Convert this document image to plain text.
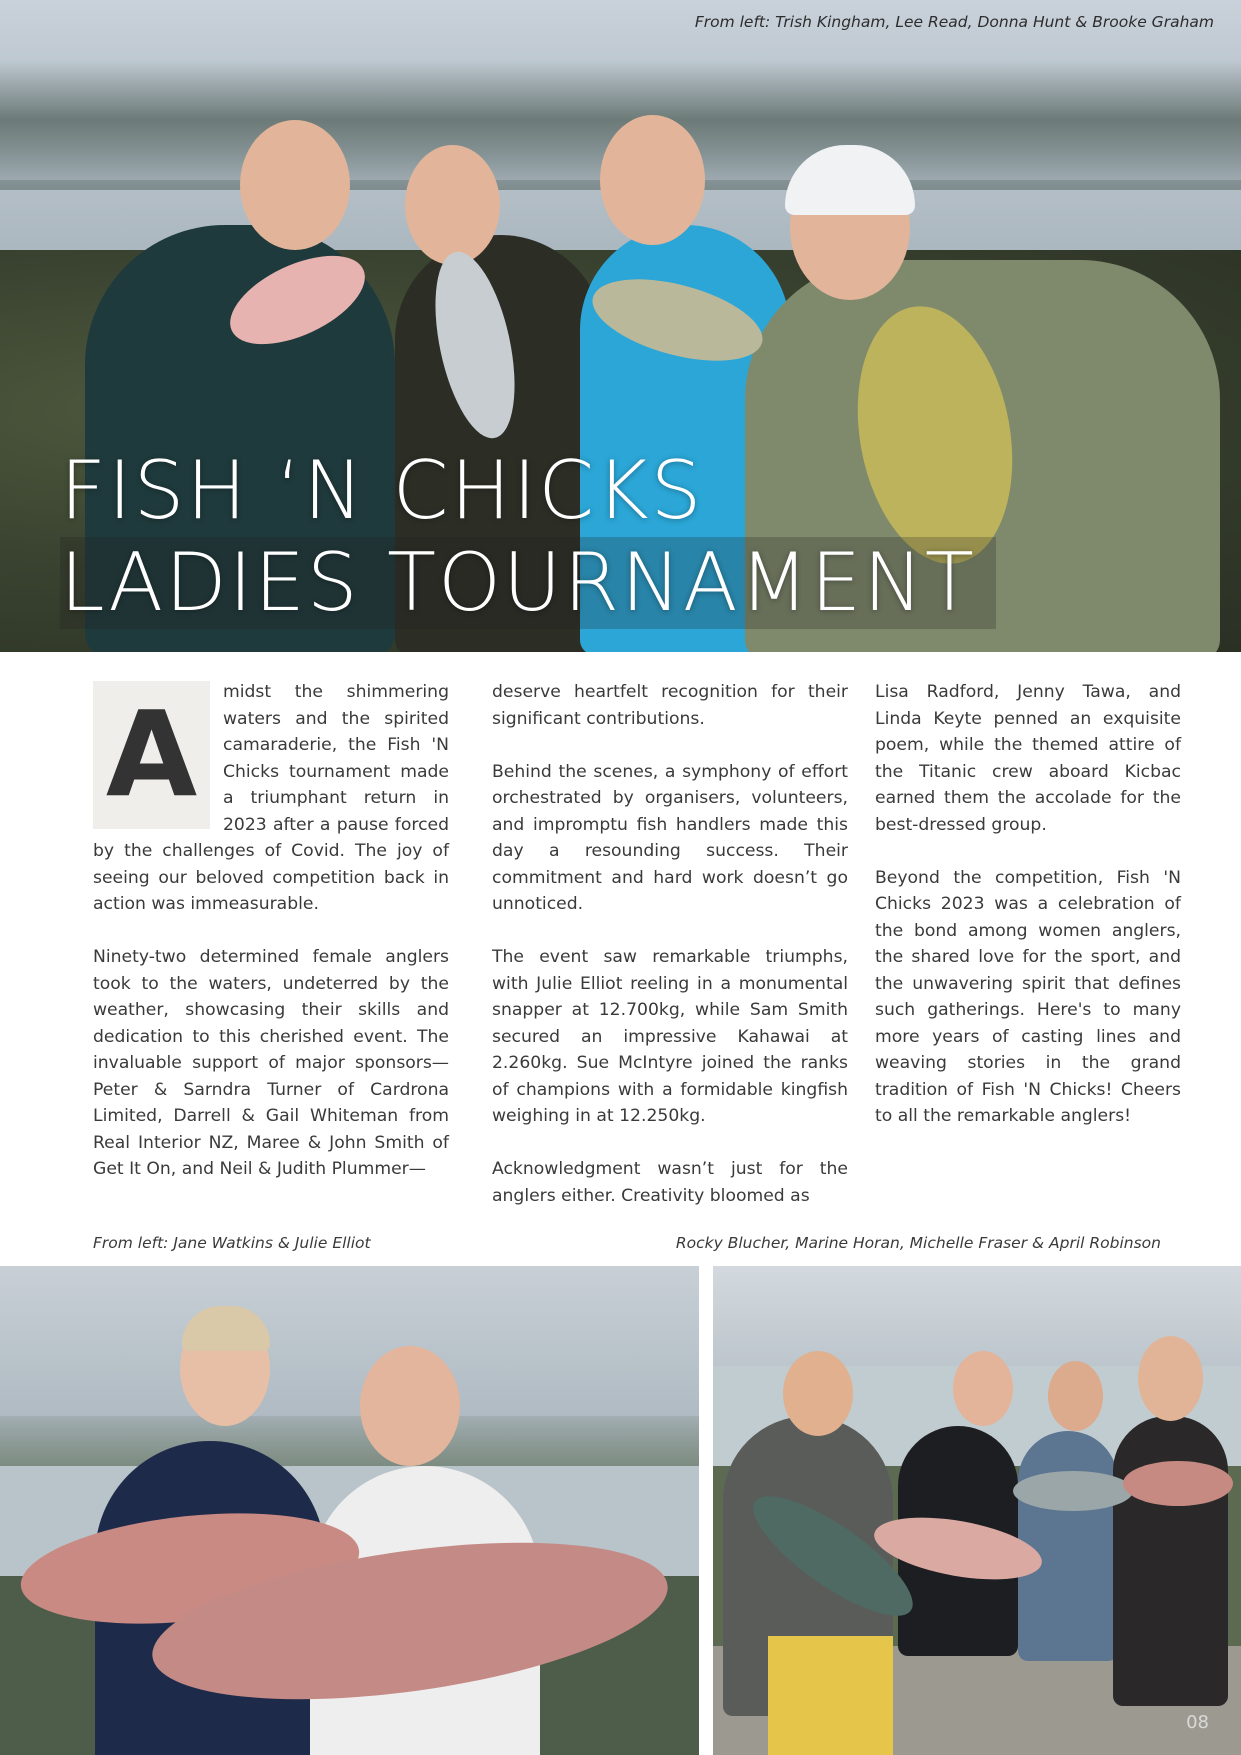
From left: Trish Kingham, Lee Read, Donna Hunt & Brooke Graham
FISH ‘N CHICKS
LADIES TOURNAMENT
A	midst the shimmering waters and the spirited camaraderie, the Fish 'N Chicks tournament made a triumphant return in 2023 after a pause forced by the challenges of Covid. The joy of seeing our beloved competition back in action was immeasurable.

Ninety-two determined female anglers took to the waters, undeterred by the weather, showcasing their skills and dedication to this cherished event. The invaluable support of major sponsors—Peter & Sarndra Turner of Cardrona Limited, Darrell & Gail Whiteman from Real Interior NZ, Maree & John Smith of Get It On, and Neil & Judith Plummer—

deserve heartfelt recognition for their significant contributions.

Behind the scenes, a symphony of effort orchestrated by organisers, volunteers, and impromptu fish handlers made this day a resounding success. Their commitment and hard work doesn’t go unnoticed.

The event saw remarkable triumphs, with Julie Elliot reeling in a monumental snapper at 12.700kg, while Sam Smith secured an impressive Kahawai at 2.260kg. Sue McIntyre joined the ranks of champions with a formidable kingfish weighing in at 12.250kg.

Acknowledgment wasn’t just for the anglers either. Creativity bloomed as

Lisa Radford, Jenny Tawa, and Linda Keyte penned an exquisite poem, while the themed attire of the Titanic crew aboard Kicbac earned them the accolade for the best-dressed group.

Beyond the competition, Fish 'N Chicks 2023 was a celebration of the bond among women anglers, the shared love for the sport, and the unwavering spirit that defines such gatherings. Here's to many more years of casting lines and weaving stories in the grand tradition of Fish 'N Chicks! Cheers to all the remarkable anglers!

From left: Jane Watkins & Julie Elliot	Rocky Blucher, Marine Horan, Michelle Fraser & April Robinson
08
